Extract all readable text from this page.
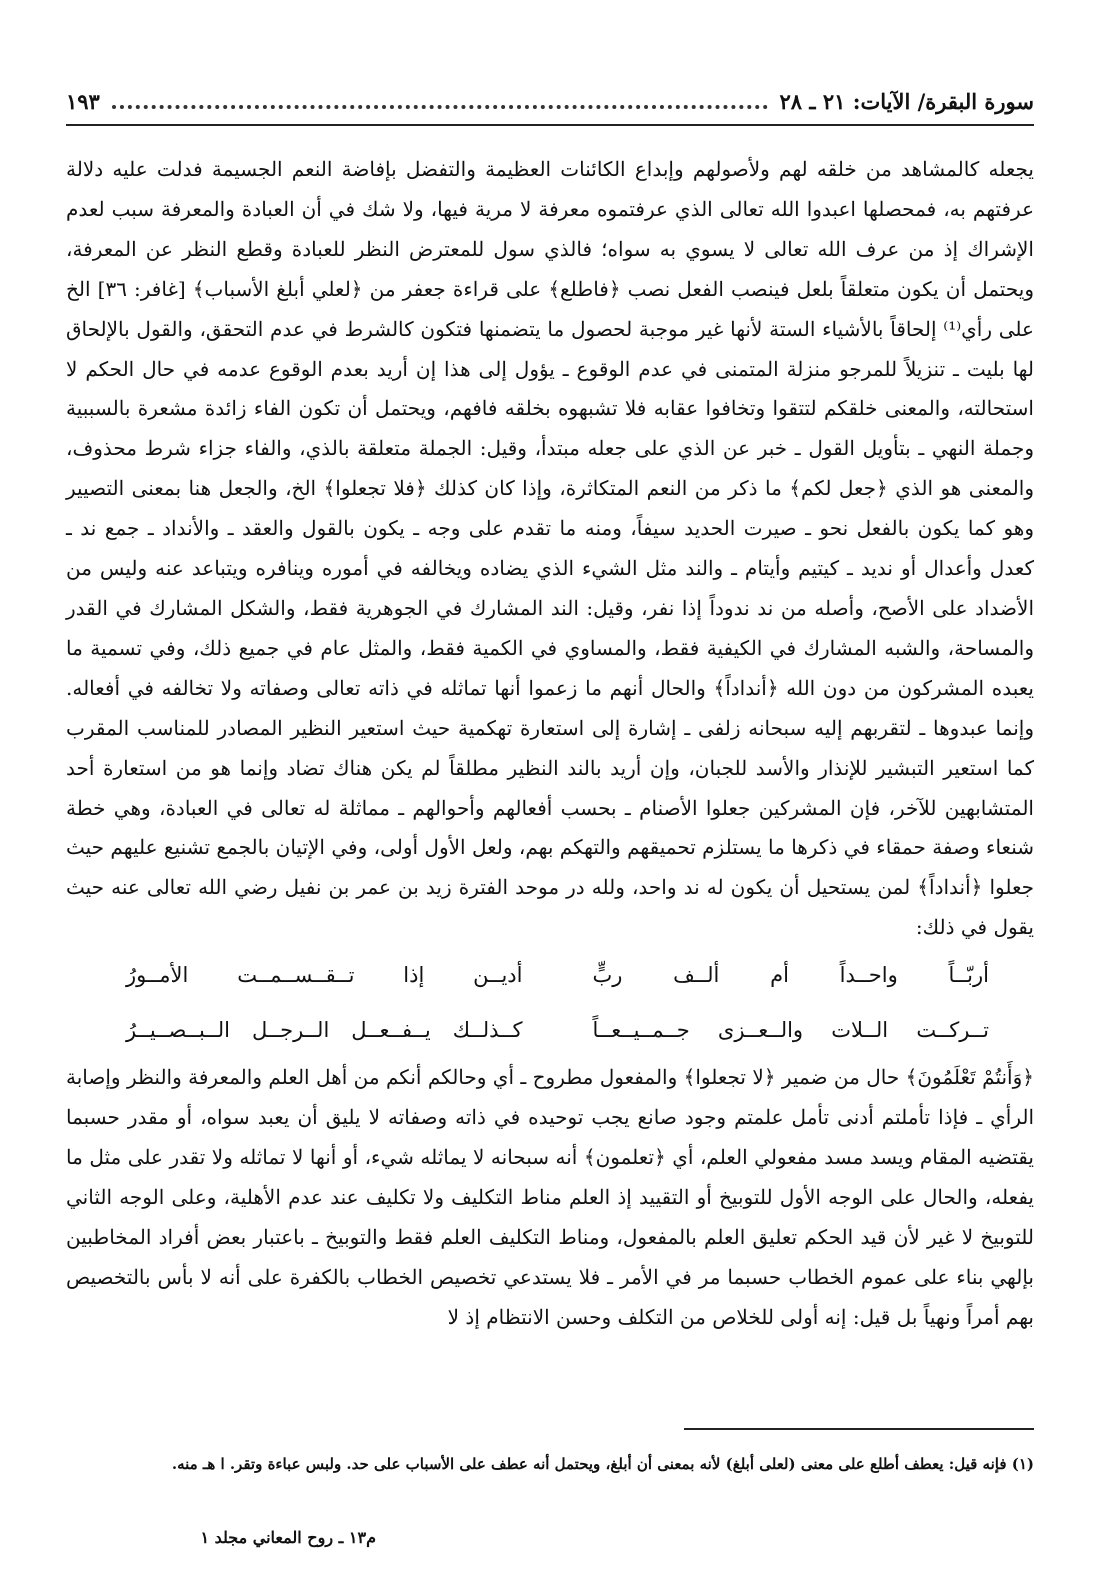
سورة البقرة/ الآيات: ٢١ ـ ٢٨
١٩٣

يجعله كالمشاهد من خلقه لهم ولأصولهم وإبداع الكائنات العظيمة والتفضل بإفاضة النعم الجسيمة فدلت عليه دلالة عرفتهم به، فمحصلها اعبدوا الله تعالى الذي عرفتموه معرفة لا مرية فيها، ولا شك في أن العبادة والمعرفة سبب لعدم الإشراك إذ من عرف الله تعالى لا يسوي به سواه؛ فالذي سول للمعترض النظر للعبادة وقطع النظر عن المعرفة، ويحتمل أن يكون متعلقاً بلعل فينصب الفعل نصب ﴿فاطلع﴾ على قراءة جعفر من ﴿لعلي أبلغ الأسباب﴾ [غافر: ٣٦] الخ على رأي⁽¹⁾ إلحاقاً بالأشياء الستة لأنها غير موجبة لحصول ما يتضمنها فتكون كالشرط في عدم التحقق، والقول بالإلحاق لها بليت ـ تنزيلاً للمرجو منزلة المتمنى في عدم الوقوع ـ يؤول إلى هذا إن أريد بعدم الوقوع عدمه في حال الحكم لا استحالته، والمعنى خلقكم لتتقوا وتخافوا عقابه فلا تشبهوه بخلقه فافهم، ويحتمل أن تكون الفاء زائدة مشعرة بالسببية وجملة النهي ـ بتأويل القول ـ خبر عن الذي على جعله مبتدأ، وقيل: الجملة متعلقة بالذي، والفاء جزاء شرط محذوف، والمعنى هو الذي ﴿جعل لكم﴾ ما ذكر من النعم المتكاثرة، وإذا كان كذلك ﴿فلا تجعلوا﴾ الخ، والجعل هنا بمعنى التصيير وهو كما يكون بالفعل نحو ـ صيرت الحديد سيفاً، ومنه ما تقدم على وجه ـ يكون بالقول والعقد ـ والأنداد ـ جمع ند ـ كعدل وأعدال أو نديد ـ كيتيم وأيتام ـ والند مثل الشيء الذي يضاده ويخالفه في أموره وينافره ويتباعد عنه وليس من الأضداد على الأصح، وأصله من ند ندوداً إذا نفر، وقيل: الند المشارك في الجوهرية فقط، والشكل المشارك في القدر والمساحة، والشبه المشارك في الكيفية فقط، والمساوي في الكمية فقط، والمثل عام في جميع ذلك، وفي تسمية ما يعبده المشركون من دون الله ﴿أنداداً﴾ والحال أنهم ما زعموا أنها تماثله في ذاته تعالى وصفاته ولا تخالفه في أفعاله. وإنما عبدوها ـ لتقربهم إليه سبحانه زلفى ـ إشارة إلى استعارة تهكمية حيث استعير النظير المصادر للمناسب المقرب كما استعير التبشير للإنذار والأسد للجبان، وإن أريد بالند النظير مطلقاً لم يكن هناك تضاد وإنما هو من استعارة أحد المتشابهين للآخر، فإن المشركين جعلوا الأصنام ـ بحسب أفعالهم وأحوالهم ـ مماثلة له تعالى في العبادة، وهي خطة شنعاء وصفة حمقاء في ذكرها ما يستلزم تحميقهم والتهكم بهم، ولعل الأول أولى، وفي الإتيان بالجمع تشنيع عليهم حيث جعلوا ﴿أنداداً﴾ لمن يستحيل أن يكون له ند واحد، ولله در موحد الفترة زيد بن عمر بن نفيل رضي الله تعالى عنه حيث يقول في ذلك:

أربّــاً واحــداً أم ألــف ربٍّ
أديــن إذا تــقــســمــت الأمــورُ
تــركــت الــلات والــعــزى جــمــيــعــاً
كــذلــك يــفــعــل الــرجــل الــبــصــيــرُ

﴿وَأَنتُمْ تَعْلَمُونَ﴾ حال من ضمير ﴿لا تجعلوا﴾ والمفعول مطروح ـ أي وحالكم أنكم من أهل العلم والمعرفة والنظر وإصابة الرأي ـ فإذا تأملتم أدنى تأمل علمتم وجود صانع يجب توحيده في ذاته وصفاته لا يليق أن يعبد سواه، أو مقدر حسبما يقتضيه المقام ويسد مسد مفعولي العلم، أي ﴿تعلمون﴾ أنه سبحانه لا يماثله شيء، أو أنها لا تماثله ولا تقدر على مثل ما يفعله، والحال على الوجه الأول للتوبيخ أو التقييد إذ العلم مناط التكليف ولا تكليف عند عدم الأهلية، وعلى الوجه الثاني للتوبيخ لا غير لأن قيد الحكم تعليق العلم بالمفعول، ومناط التكليف العلم فقط والتوبيخ ـ باعتبار بعض أفراد المخاطبين بإلهي بناء على عموم الخطاب حسبما مر في الأمر ـ فلا يستدعي تخصيص الخطاب بالكفرة على أنه لا بأس بالتخصيص بهم أمراً ونهياً بل قيل: إنه أولى للخلاص من التكلف وحسن الانتظام إذ لا

(١) فإنه قيل: يعطف أطلع على معنى (لعلى أبلغ) لأنه بمعنى أن أبلغ، ويحتمل أنه عطف على الأسباب على حد. ولبس عباءة وتقر. ا هـ منه.
م١٣ ـ روح المعاني مجلد ١
